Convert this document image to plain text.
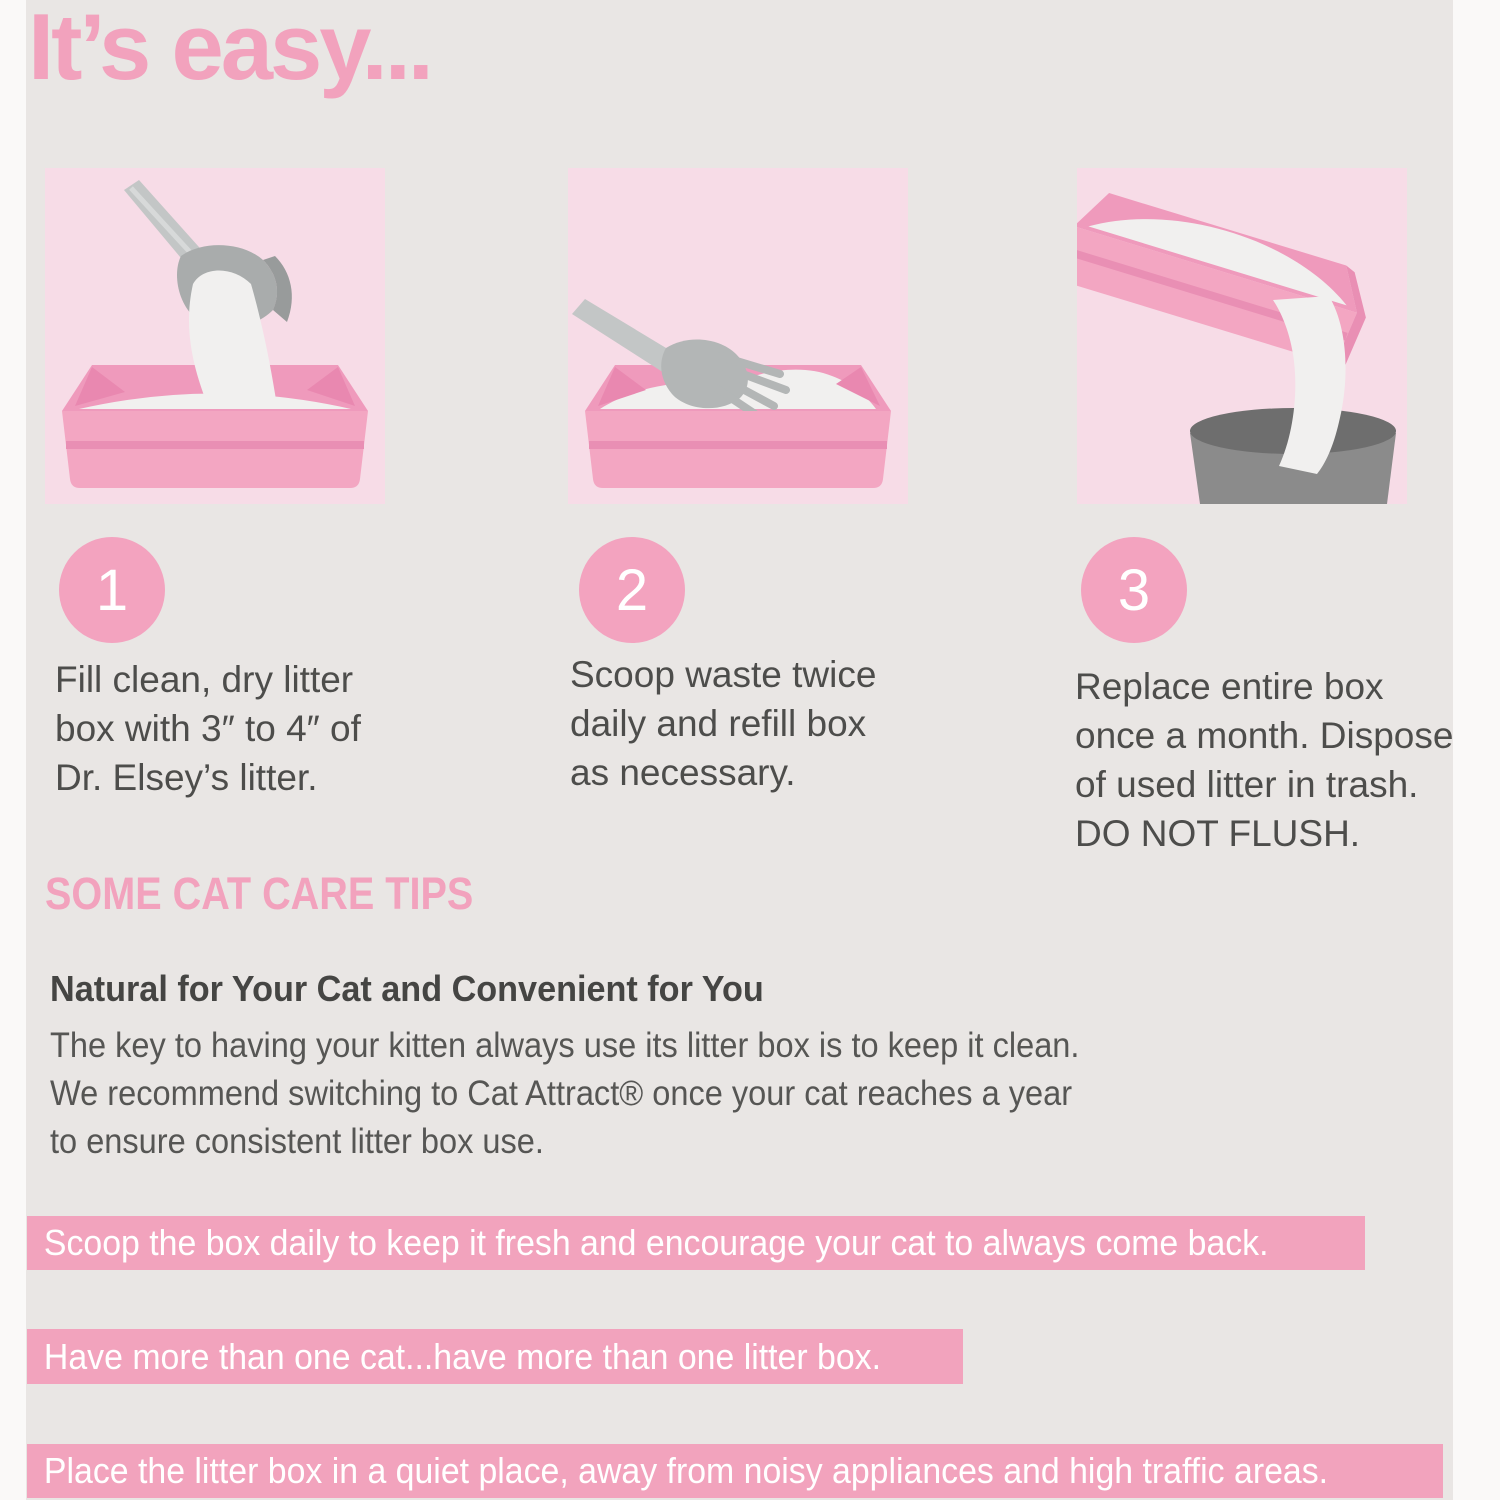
It’s easy...
1	2	3
Fill clean, dry litter
box with 3″ to 4″ of
Dr. Elsey’s litter.
Scoop waste twice
daily and refill box
as necessary.
Replace entire box
once a month. Dispose
of used litter in trash.
DO NOT FLUSH.
SOME CAT CARE TIPS
Natural for Your Cat and Convenient for You
The key to having your kitten always use its litter box is to keep it clean.
We recommend switching to Cat Attract® once your cat reaches a year
to ensure consistent litter box use.
Scoop the box daily to keep it fresh and encourage your cat to always come back.
Have more than one cat...have more than one litter box.
Place the litter box in a quiet place, away from noisy appliances and high traffic areas.
